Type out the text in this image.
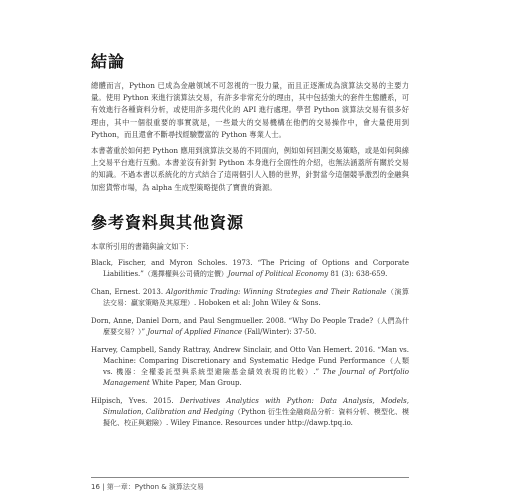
結論

總體而言，Python 已成為金融領域不可忽視的一股力量，而且正逐漸成為演算法交易的主要力量。使用 Python 來進行演算法交易，有許多非常充分的理由，其中包括強大的套件生態體系，可有效進行各種資料分析，或使用許多現代化的 API 進行處理。學習 Python 演算法交易有很多好理由，其中一個很重要的事實就是，一些最大的交易機構在他們的交易操作中，會大量使用到 Python，而且還會不斷尋找經驗豐富的 Python 專業人士。

本書著重於如何把 Python 應用到演算法交易的不同面向，例如如何回測交易策略，或是如何與線上交易平台進行互動。本書並沒有針對 Python 本身進行全面性的介紹，也無法涵蓋所有關於交易的知識。不過本書以系統化的方式結合了這兩個引人入勝的世界，針對當今這個競爭激烈的金融與加密貨幣市場，為 alpha 生成型策略提供了寶貴的資源。

參考資料與其他資源

本章所引用的書籍與論文如下：

Black, Fischer, and Myron Scholes. 1973. “The Pricing of Options and Corporate Liabilities.”（選擇權與公司債的定價）Journal of Political Economy 81 (3): 638-659.
Chan, Ernest. 2013. Algorithmic Trading: Winning Strategies and Their Rationale（演算法交易：贏家策略及其原理）. Hoboken et al: John Wiley & Sons.
Dorn, Anne, Daniel Dorn, and Paul Sengmueller. 2008. “Why Do People Trade?（人們為什麼要交易？）” Journal of Applied Finance (Fall/Winter): 37-50.
Harvey, Campbell, Sandy Rattray, Andrew Sinclair, and Otto Van Hemert. 2016. “Man vs. Machine: Comparing Discretionary and Systematic Hedge Fund Performance（人類 vs. 機器：全權委託型與系統型避險基金績效表現的比較）.” The Journal of Portfolio Management White Paper, Man Group.
Hilpisch, Yves. 2015. Derivatives Analytics with Python: Data Analysis, Models, Simulation, Calibration and Hedging（Python 衍生性金融商品分析：資料分析、模型化、模擬化、校正與避險）. Wiley Finance. Resources under http://dawp.tpq.io.
16 | 第一章：Python & 演算法交易
